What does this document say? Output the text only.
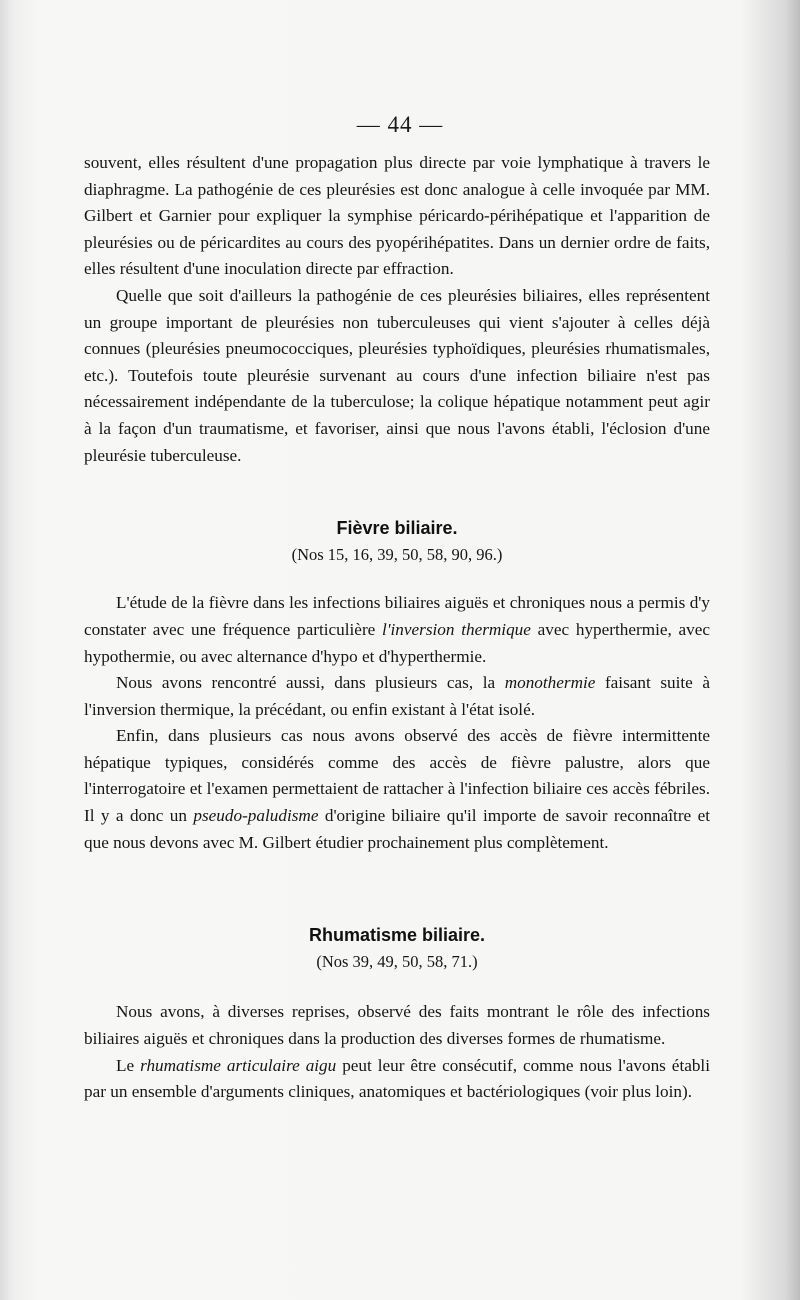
— 44 —

souvent, elles résultent d'une propagation plus directe par voie lymphatique à travers le diaphragme. La pathogénie de ces pleurésies est donc analogue à celle invoquée par MM. Gilbert et Garnier pour expliquer la symphise péricardo-périhépatique et l'apparition de pleurésies ou de péricardites au cours des pyopérihépatites. Dans un dernier ordre de faits, elles résultent d'une inoculation directe par effraction.

Quelle que soit d'ailleurs la pathogénie de ces pleurésies biliaires, elles représentent un groupe important de pleurésies non tuberculeuses qui vient s'ajouter à celles déjà connues (pleurésies pneumococciques, pleurésies typhoïdiques, pleurésies rhumatismales, etc.). Toutefois toute pleurésie survenant au cours d'une infection biliaire n'est pas nécessairement indépendante de la tuberculose; la colique hépatique notamment peut agir à la façon d'un traumatisme, et favoriser, ainsi que nous l'avons établi, l'éclosion d'une pleurésie tuberculeuse.

Fièvre biliaire.

(Nos 15, 16, 39, 50, 58, 90, 96.)

L'étude de la fièvre dans les infections biliaires aiguës et chroniques nous a permis d'y constater avec une fréquence particulière l'inversion thermique avec hyperthermie, avec hypothermie, ou avec alternance d'hypo et d'hyperthermie.

Nous avons rencontré aussi, dans plusieurs cas, la monothermie faisant suite à l'inversion thermique, la précédant, ou enfin existant à l'état isolé.

Enfin, dans plusieurs cas nous avons observé des accès de fièvre intermittente hépatique typiques, considérés comme des accès de fièvre palustre, alors que l'interrogatoire et l'examen permettaient de rattacher à l'infection biliaire ces accès fébriles. Il y a donc un pseudo-paludisme d'origine biliaire qu'il importe de savoir reconnaître et que nous devons avec M. Gilbert étudier prochainement plus complètement.

Rhumatisme biliaire.

(Nos 39, 49, 50, 58, 71.)

Nous avons, à diverses reprises, observé des faits montrant le rôle des infections biliaires aiguës et chroniques dans la production des diverses formes de rhumatisme.

Le rhumatisme articulaire aigu peut leur être consécutif, comme nous l'avons établi par un ensemble d'arguments cliniques, anatomiques et bactériologiques (voir plus loin).
